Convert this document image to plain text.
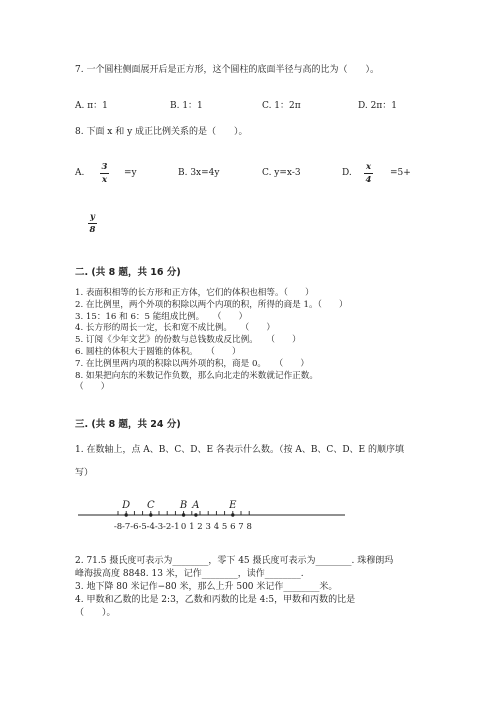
7. 一个圆柱侧面展开后是正方形，这个圆柱的底面半径与高的比为（　　）。
A. π：1	B. 1：1	C. 1：2π	D. 2π：1
8. 下面 x 和 y 成正比例关系的是（　　）。
A.
3
x
=y	B. 3x=4y	C. y=x-3	D.
x
4
=5+
y
8
二. (共 8 题，共 16 分)
1. 表面积相等的长方形和正方体，它们的体积也相等。（　　）
2. 在比例里，两个外项的积除以两个内项的积，所得的商是 1。（　　）
3. 15：16 和 6：5 能组成比例。　　（　　）
4. 长方形的周长一定，长和宽不成比例。　　（　　）
5. 订阅《少年文艺》的份数与总钱数成反比例。　　（　　）
6. 圆柱的体积大于圆锥的体积。　　（　　）
7. 在比例里两内项的积除以两外项的积，商是 0。　　（　　）
8. 如果把向东的米数记作负数，那么向北走的米数就记作正数。
（　　）
三. (共 8 题，共 24 分)
1. 在数轴上，点 A、B、C、D、E 各表示什么数。（按 A、B、C、D、E 的顺序填
写）
-8 -7 -6 -5 -4 -3 -2 -1 0 1 2 3 4 5 6 7 8
D C	B A	E
2. 71.5 摄氏度可表示为________，零下 45 摄氏度可表示为________. 珠穆朗玛
峰海拔高度 8848. 13 米，记作________，读作________.
3. 地下降 80 米记作−80 米，那么上升 500 米记作________米。
4. 甲数和乙数的比是 2:3，乙数和丙数的比是 4:5，甲数和丙数的比是
（　　）。
